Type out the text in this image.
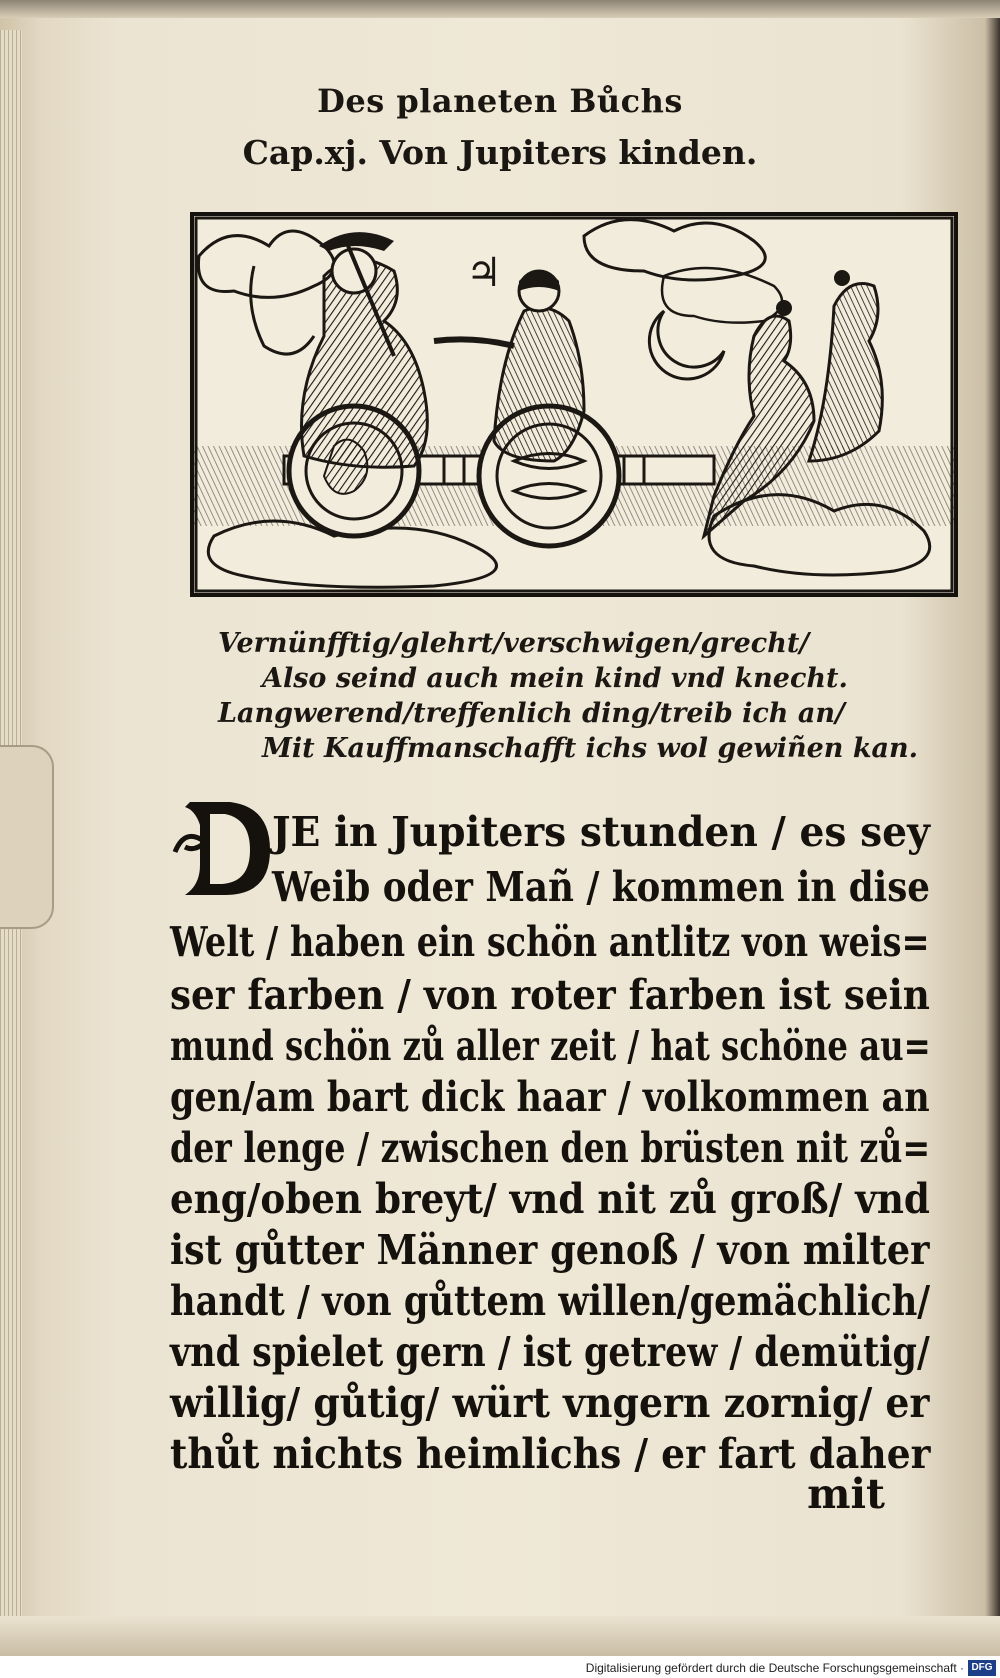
Des planeten Bůchs
Cap.xj. Von Jupiters kinden.
♃
Vernünfftig/glehrt/verschwigen/grecht/
Also seind auch mein kind vnd knecht.
Langwerend/treffenlich ding/treib ich an/
Mit Kauffmanschafft ichs wol gewiñen kan.
JE in Jupiters stunden / es sey
Weib oder Mañ / kommen in dise
Welt / haben ein schön antlitz von weis=
ser farben / von roter farben ist sein
mund schön zů aller zeit / hat schöne au=
gen/am bart dick haar / volkommen an
der lenge / zwischen den brüsten nit zů=
eng/oben breyt/ vnd nit zů groß/ vnd
ist gůtter Männer genoß / von milter
handt / von gůttem willen/gemächlich/
vnd spielet gern / ist getrew / demütig/
willig/ gůtig/ würt vngern zornig/ er
thůt nichts heimlichs / er fart daher
mit
Digitalisierung gefördert durch die Deutsche Forschungsgemeinschaft · DFG
